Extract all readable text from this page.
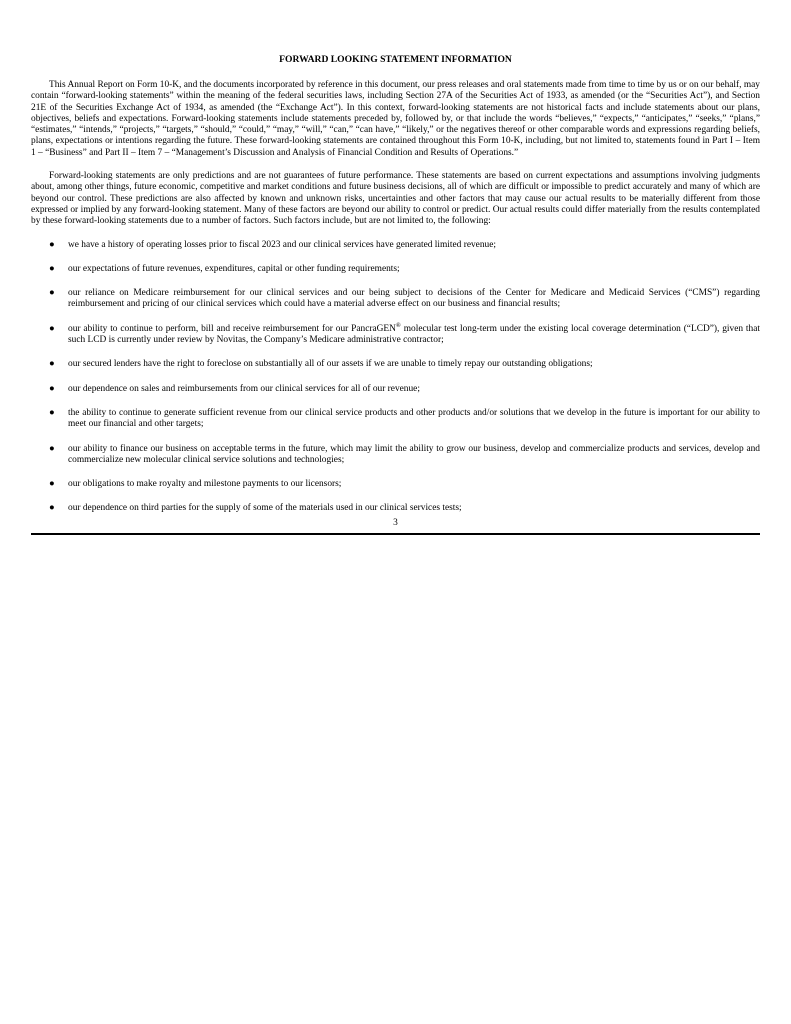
FORWARD LOOKING STATEMENT INFORMATION

This Annual Report on Form 10-K, and the documents incorporated by reference in this document, our press releases and oral statements made from time to time by us or on our behalf, may contain “forward-looking statements” within the meaning of the federal securities laws, including Section 27A of the Securities Act of 1933, as amended (or the “Securities Act”), and Section 21E of the Securities Exchange Act of 1934, as amended (the “Exchange Act”). In this context, forward-looking statements are not historical facts and include statements about our plans, objectives, beliefs and expectations. Forward-looking statements include statements preceded by, followed by, or that include the words “believes,” “expects,” “anticipates,” “seeks,” “plans,” “estimates,” “intends,” “projects,” “targets,” “should,” “could,” “may,” “will,” “can,” “can have,” “likely,” or the negatives thereof or other comparable words and expressions regarding beliefs, plans, expectations or intentions regarding the future. These forward-looking statements are contained throughout this Form 10-K, including, but not limited to, statements found in Part I – Item 1 – “Business” and Part II – Item 7 – “Management’s Discussion and Analysis of Financial Condition and Results of Operations.”

Forward-looking statements are only predictions and are not guarantees of future performance. These statements are based on current expectations and assumptions involving judgments about, among other things, future economic, competitive and market conditions and future business decisions, all of which are difficult or impossible to predict accurately and many of which are beyond our control. These predictions are also affected by known and unknown risks, uncertainties and other factors that may cause our actual results to be materially different from those expressed or implied by any forward-looking statement. Many of these factors are beyond our ability to control or predict. Our actual results could differ materially from the results contemplated by these forward-looking statements due to a number of factors. Such factors include, but are not limited to, the following:

● we have a history of operating losses prior to fiscal 2023 and our clinical services have generated limited revenue;
● our expectations of future revenues, expenditures, capital or other funding requirements;
● our reliance on Medicare reimbursement for our clinical services and our being subject to decisions of the Center for Medicare and Medicaid Services (“CMS”) regarding reimbursement and pricing of our clinical services which could have a material adverse effect on our business and financial results;
● our ability to continue to perform, bill and receive reimbursement for our PancraGEN® molecular test long-term under the existing local coverage determination (“LCD”), given that such LCD is currently under review by Novitas, the Company’s Medicare administrative contractor;
● our secured lenders have the right to foreclose on substantially all of our assets if we are unable to timely repay our outstanding obligations;
● our dependence on sales and reimbursements from our clinical services for all of our revenue;
● the ability to continue to generate sufficient revenue from our clinical service products and other products and/or solutions that we develop in the future is important for our ability to meet our financial and other targets;
● our ability to finance our business on acceptable terms in the future, which may limit the ability to grow our business, develop and commercialize products and services, develop and commercialize new molecular clinical service solutions and technologies;
● our obligations to make royalty and milestone payments to our licensors;
● our dependence on third parties for the supply of some of the materials used in our clinical services tests;
3
